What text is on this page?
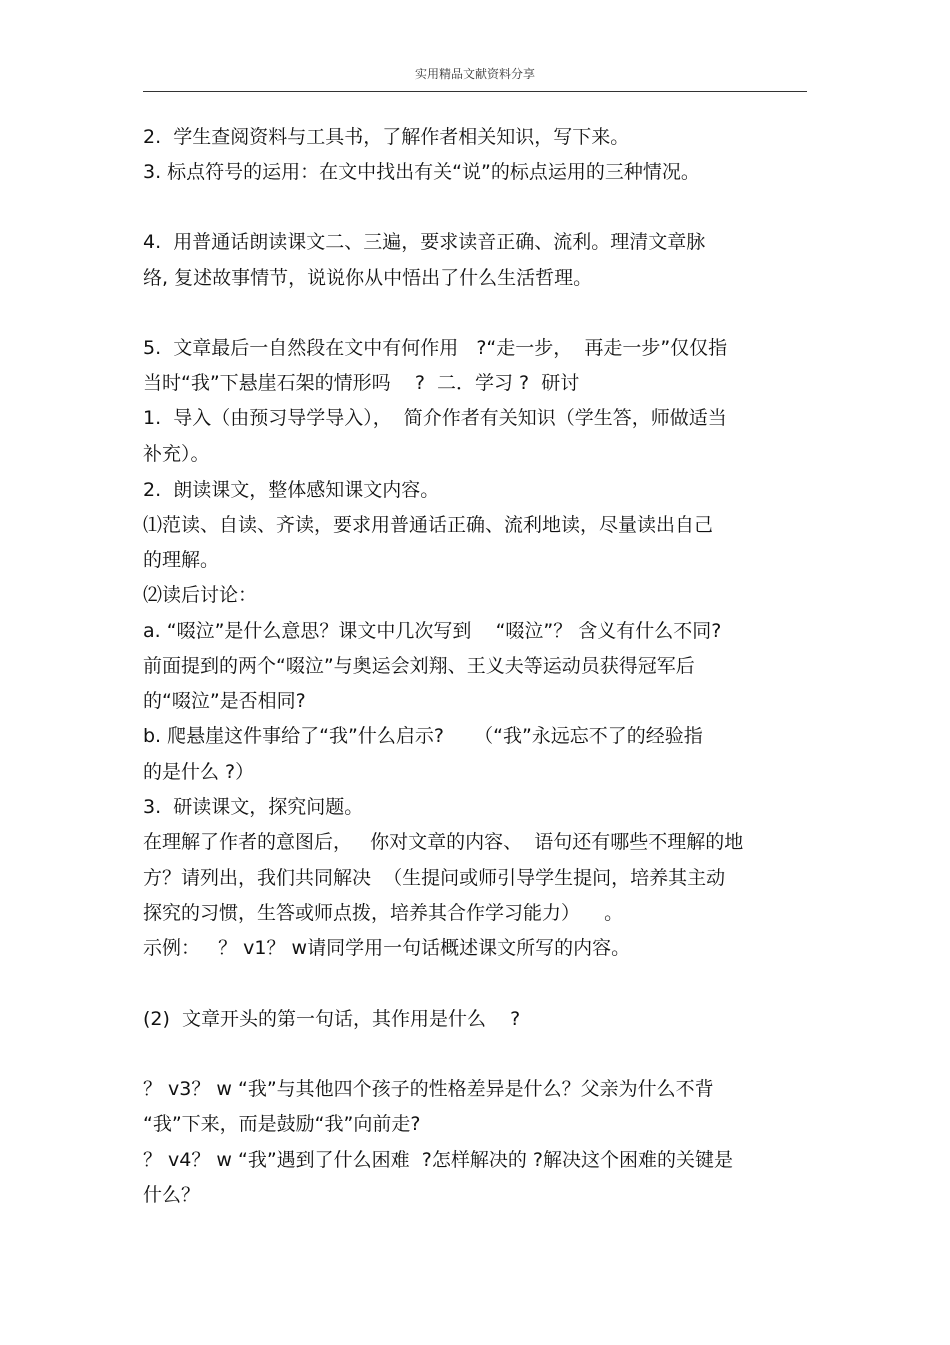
实用精品文献资料分享
2.  学生查阅资料与工具书，了解作者相关知识，写下来。
3. 标点符号的运用：在文中找出有关“说”的标点运用的三种情况。
4.  用普通话朗读课文二、三遍，要求读音正确、流利。理清文章脉
络, 复述故事情节，说说你从中悟出了什么生活哲理。
5.  文章最后一自然段在文中有何作用   ?“走一步，  再走一步”仅仅指
当时“我”下悬崖石架的情形吗    ?  二．学习 ?  研讨
1.  导入（由预习导学导入），  简介作者有关知识（学生答，师做适当
补充）。
2.  朗读课文，整体感知课文内容。
⑴范读、自读、齐读，要求用普通话正确、流利地读，尽量读出自己
的理解。
⑵读后讨论：
a. “啜泣”是什么意思？课文中几次写到    “啜泣”？ 含义有什么不同?
前面提到的两个“啜泣”与奥运会刘翔、王义夫等运动员获得冠军后
的“啜泣”是否相同?
b. 爬悬崖这件事给了“我”什么启示?     （“我”永远忘不了的经验指
的是什么 ?）
3.  研读课文，探究问题。
在理解了作者的意图后，   你对文章的内容、  语句还有哪些不理解的地
方？请列出，我们共同解决  （生提问或师引导学生提问，培养其主动
探究的习惯，生答或师点拨，培养其合作学习能力）    。
示例：   ？ v1？ w请同学用一句话概述课文所写的内容。
(2)  文章开头的第一句话，其作用是什么    ?
？ v3？ w “我”与其他四个孩子的性格差异是什么？父亲为什么不背
“我”下来，而是鼓励“我”向前走?
？ v4？ w “我”遇到了什么困难  ?怎样解决的 ?解决这个困难的关键是
什么？
